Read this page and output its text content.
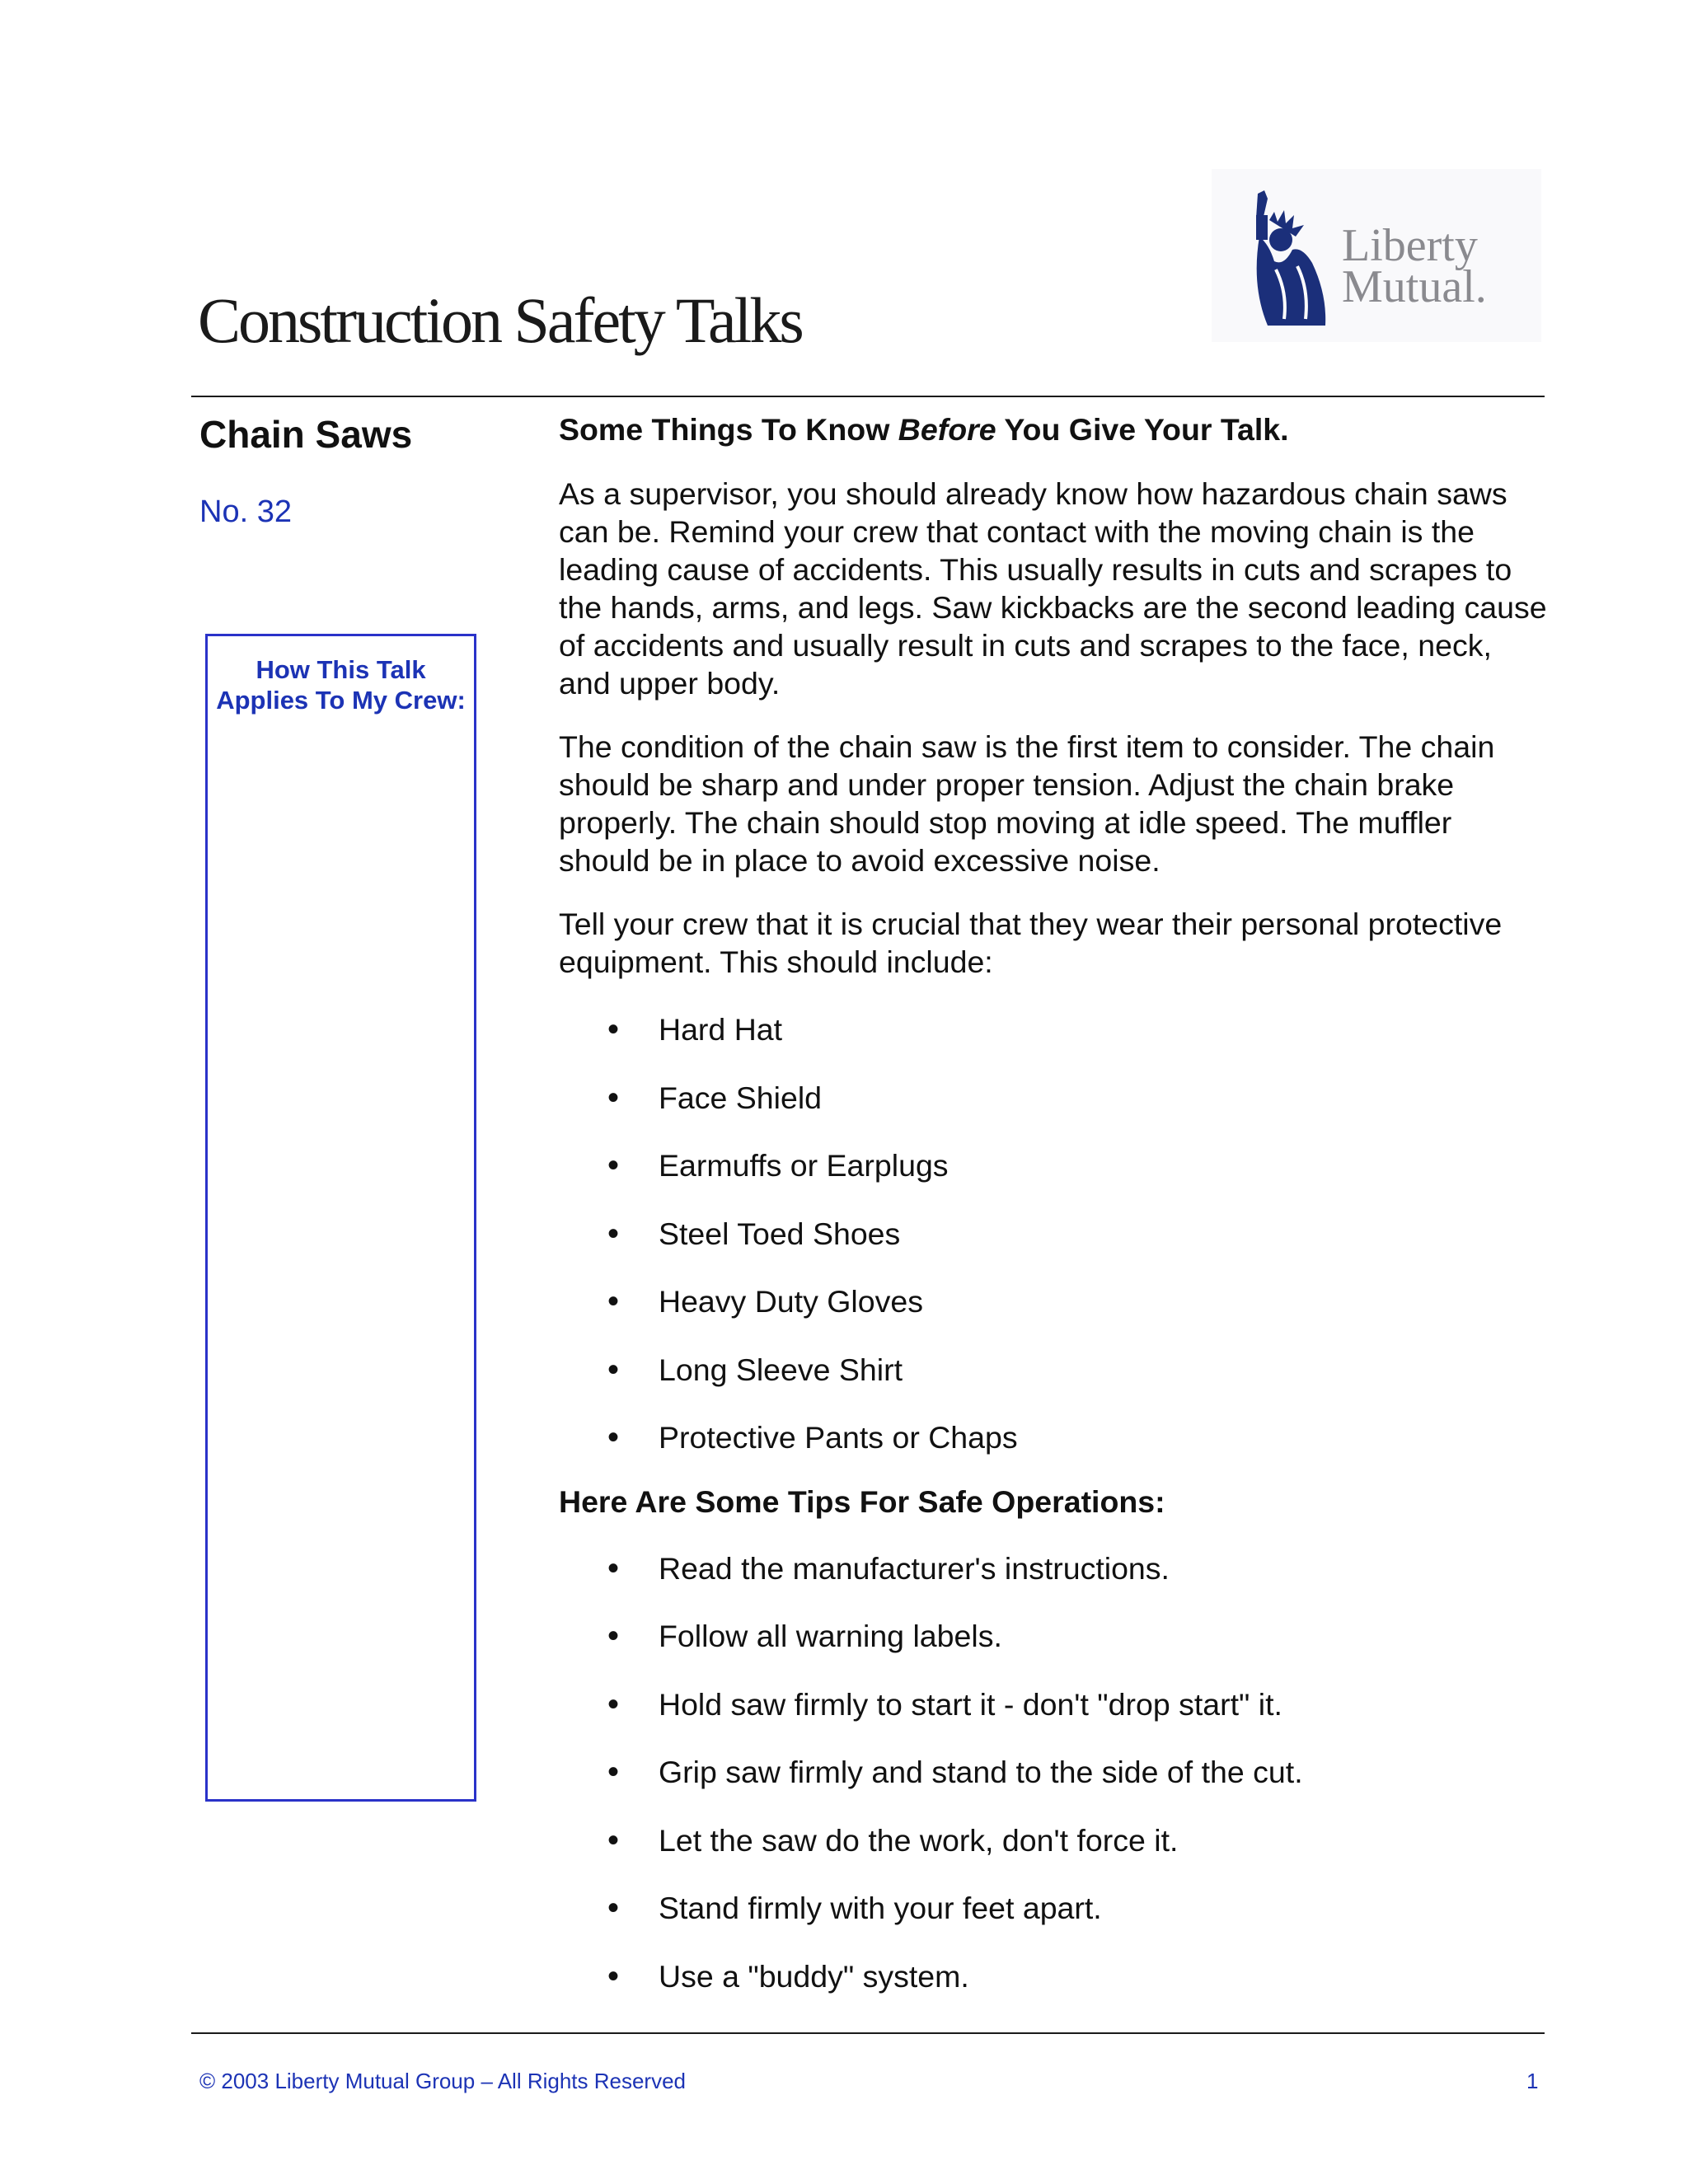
Construction Safety Talks
Liberty
Mutual.
Chain Saws
No. 32
How This Talk Applies To My Crew:

Some Things To Know Before You Give Your Talk.

As a supervisor, you should already know how hazardous chain saws can be. Remind your crew that contact with the moving chain is the leading cause of accidents. This usually results in cuts and scrapes to the hands, arms, and legs. Saw kickbacks are the second leading cause of accidents and usually result in cuts and scrapes to the face, neck, and upper body.

The condition of the chain saw is the first item to consider. The chain should be sharp and under proper tension. Adjust the chain brake properly. The chain should stop moving at idle speed. The muffler should be in place to avoid excessive noise.

Tell your crew that it is crucial that they wear their personal protective equipment. This should include:

• Hard Hat
• Face Shield
• Earmuffs or Earplugs
• Steel Toed Shoes
• Heavy Duty Gloves
• Long Sleeve Shirt
• Protective Pants or Chaps

Here Are Some Tips For Safe Operations:

• Read the manufacturer's instructions.
• Follow all warning labels.
• Hold saw firmly to start it - don't "drop start" it.
• Grip saw firmly and stand to the side of the cut.
• Let the saw do the work, don't force it.
• Stand firmly with your feet apart.
• Use a "buddy" system.
© 2003 Liberty Mutual Group – All Rights Reserved	1
